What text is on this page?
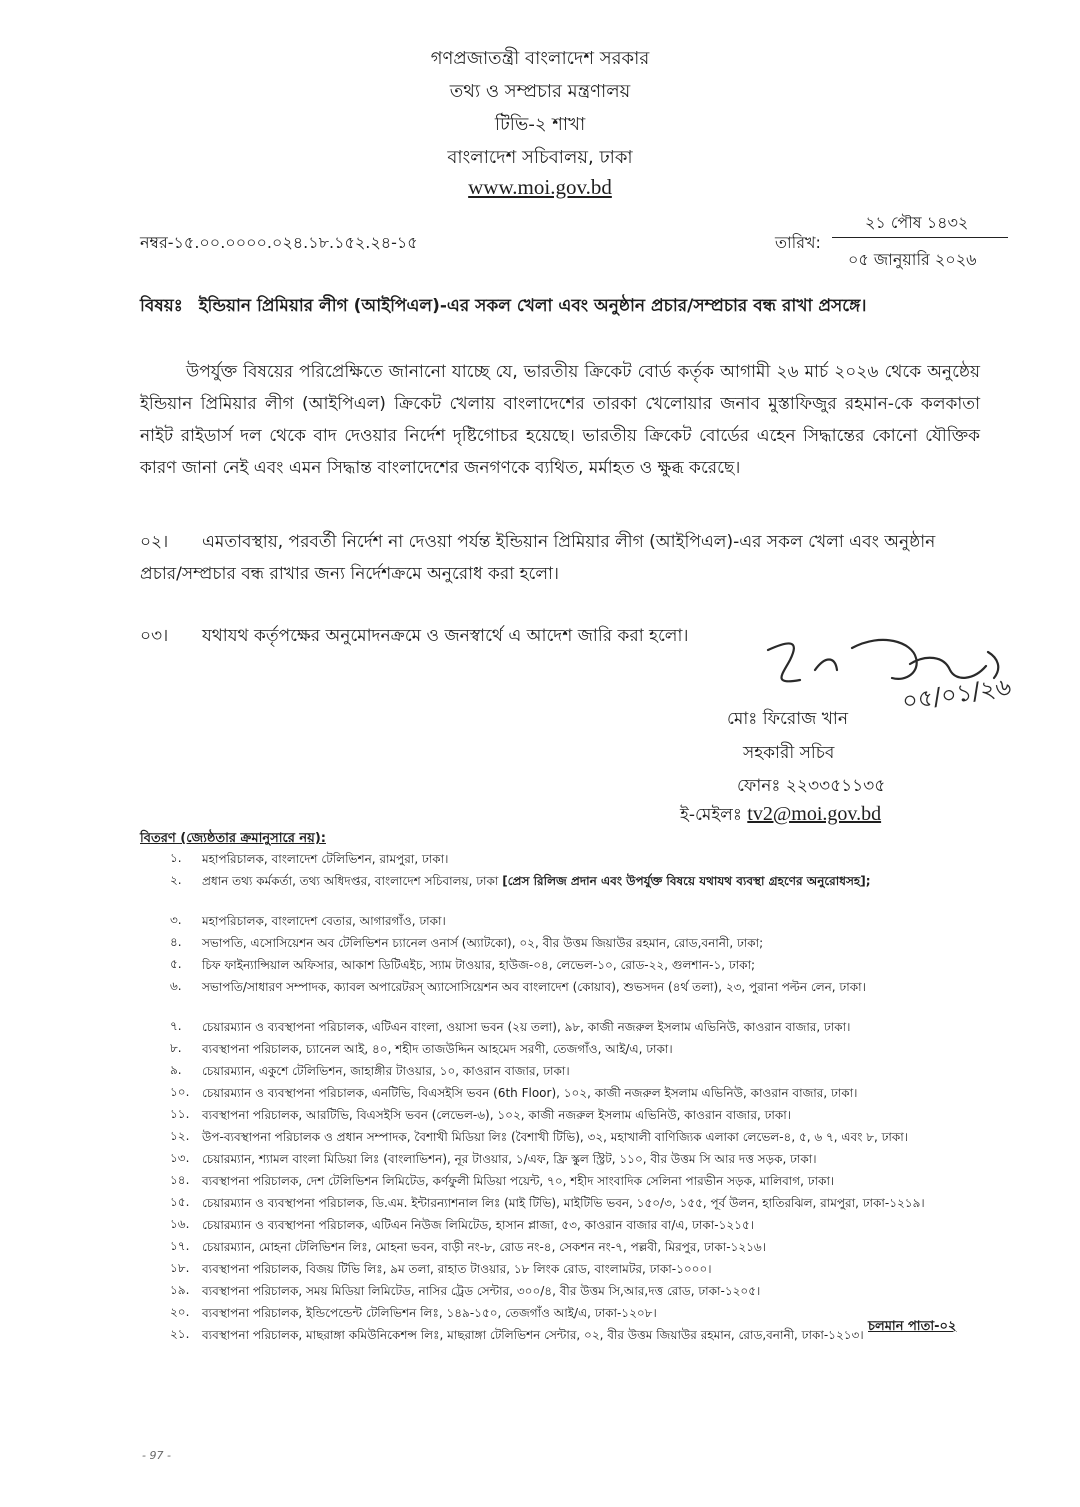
গণপ্রজাতন্ত্রী বাংলাদেশ সরকার
তথ্য ও সম্প্রচার মন্ত্রণালয়
টিভি-২ শাখা
বাংলাদেশ সচিবালয়, ঢাকা
www.moi.gov.bd
নম্বর-১৫.০০.০০০০.০২৪.১৮.১৫২.২৪-১৫	তারিখ:
২১ পৌষ ১৪৩২
০৫ জানুয়ারি ২০২৬
বিষয়ঃ ইন্ডিয়ান প্রিমিয়ার লীগ (আইপিএল)-এর সকল খেলা এবং অনুষ্ঠান প্রচার/সম্প্রচার বন্ধ রাখা প্রসঙ্গে।

উপর্যুক্ত বিষয়ের পরিপ্রেক্ষিতে জানানো যাচ্ছে যে, ভারতীয় ক্রিকেট বোর্ড কর্তৃক আগামী ২৬ মার্চ ২০২৬ থেকে অনুষ্ঠেয় ইন্ডিয়ান প্রিমিয়ার লীগ (আইপিএল) ক্রিকেট খেলায় বাংলাদেশের তারকা খেলোয়ার জনাব মুস্তাফিজুর রহমান-কে কলকাতা নাইট রাইডার্স দল থেকে বাদ দেওয়ার নির্দেশ দৃষ্টিগোচর হয়েছে। ভারতীয় ক্রিকেট বোর্ডের এহেন সিদ্ধান্তের কোনো যৌক্তিক কারণ জানা নেই এবং এমন সিদ্ধান্ত বাংলাদেশের জনগণকে ব্যথিত, মর্মাহত ও ক্ষুব্ধ করেছে।

০২। এমতাবস্থায়, পরবর্তী নির্দেশ না দেওয়া পর্যন্ত ইন্ডিয়ান প্রিমিয়ার লীগ (আইপিএল)-এর সকল খেলা এবং অনুষ্ঠান প্রচার/সম্প্রচার বন্ধ রাখার জন্য নির্দেশক্রমে অনুরোধ করা হলো।
০৩। যথাযথ কর্তৃপক্ষের অনুমোদনক্রমে ও জনস্বার্থে এ আদেশ জারি করা হলো।
০৫/০১/২৬
মোঃ ফিরোজ খান
সহকারী সচিব
ফোনঃ ২২৩৩৫১১৩৫
ই-মেইলঃ tv2@moi.gov.bd
বিতরণ (জ্যেষ্ঠতার ক্রমানুসারে নয়):
১.	মহাপরিচালক, বাংলাদেশ টেলিভিশন, রামপুরা, ঢাকা।
২.	প্রধান তথ্য কর্মকর্তা, তথ্য অধিদপ্তর, বাংলাদেশ সচিবালয়, ঢাকা [প্রেস রিলিজ প্রদান এবং উপর্যুক্ত বিষয়ে যথাযথ ব্যবস্থা গ্রহণের অনুরোধসহ];
৩.	মহাপরিচালক, বাংলাদেশ বেতার, আগারগাঁও, ঢাকা।
৪.	সভাপতি, এসোসিয়েশন অব টেলিভিশন চ্যানেল ওনার্স (অ্যাটকো), ০২, বীর উত্তম জিয়াউর রহমান, রোড,বনানী, ঢাকা;
৫.	চিফ ফাইন্যান্সিয়াল অফিসার, আকাশ ডিটিএইচ, স্যাম টাওয়ার, হাউজ-০৪, লেভেল-১০, রোড-২২, গুলশান-১, ঢাকা;
৬.	সভাপতি/সাধারণ সম্পাদক, ক্যাবল অপারেটরস্ অ্যাসোসিয়েশন অব বাংলাদেশ (কোয়াব), শুভসদন (৪র্থ তলা), ২৩, পুরানা পল্টন লেন, ঢাকা।
৭.	চেয়ারম্যান ও ব্যবস্থাপনা পরিচালক, এটিএন বাংলা, ওয়াসা ভবন (২য় তলা), ৯৮, কাজী নজরুল ইসলাম এভিনিউ, কাওরান বাজার, ঢাকা।
৮.	ব্যবস্থাপনা পরিচালক, চ্যানেল আই, ৪০, শহীদ তাজউদ্দিন আহমেদ সরণী, তেজগাঁও, আই/এ, ঢাকা।
৯.	চেয়ারম্যান, একুশে টেলিভিশন, জাহাঙ্গীর টাওয়ার, ১০, কাওরান বাজার, ঢাকা।
১০.	চেয়ারম্যান ও ব্যবস্থাপনা পরিচালক, এনটিভি, বিএসইসি ভবন (6th Floor), ১০২, কাজী নজরুল ইসলাম এভিনিউ, কাওরান বাজার, ঢাকা।
১১.	ব্যবস্থাপনা পরিচালক, আরটিভি, বিএসইসি ভবন (লেভেল-৬), ১০২, কাজী নজরুল ইসলাম এভিনিউ, কাওরান বাজার, ঢাকা।
১২.	উপ-ব্যবস্থাপনা পরিচালক ও প্রধান সম্পাদক, বৈশাখী মিডিয়া লিঃ (বৈশাখী টিভি), ৩২, মহাখালী বাণিজ্যিক এলাকা লেভেল-৪, ৫, ৬ ৭, এবং ৮, ঢাকা।
১৩.	চেয়ারম্যান, শ্যামল বাংলা মিডিয়া লিঃ (বাংলাভিশন), নূর টাওয়ার, ১/এফ, ফ্রি স্কুল স্ট্রিট, ১১০, বীর উত্তম সি আর দত্ত সড়ক, ঢাকা।
১৪.	ব্যবস্থাপনা পরিচালক, দেশ টেলিভিশন লিমিটেড, কর্ণফুলী মিডিয়া পয়েন্ট, ৭০, শহীদ সাংবাদিক সেলিনা পারভীন সড়ক, মালিবাগ, ঢাকা।
১৫.	চেয়ারম্যান ও ব্যবস্থাপনা পরিচালক, ডি.এম. ইন্টারন্যাশনাল লিঃ (মাই টিভি), মাইটিভি ভবন, ১৫০/৩, ১৫৫, পূর্ব উলন, হাতিরঝিল, রামপুরা, ঢাকা-১২১৯।
১৬.	চেয়ারম্যান ও ব্যবস্থাপনা পরিচালক, এটিএন নিউজ লিমিটেড, হাসান প্লাজা, ৫৩, কাওরান বাজার বা/এ, ঢাকা-১২১৫।
১৭.	চেয়ারম্যান, মোহনা টেলিভিশন লিঃ, মোহনা ভবন, বাড়ী নং-৮, রোড নং-৪, সেকশন নং-৭, পল্লবী, মিরপুর, ঢাকা-১২১৬।
১৮.	ব্যবস্থাপনা পরিচালক, বিজয় টিভি লিঃ, ৯ম তলা, রাহাত টাওয়ার, ১৮ লিংক রোড, বাংলামটর, ঢাকা-১০০০।
১৯.	ব্যবস্থাপনা পরিচালক, সময় মিডিয়া লিমিটেড, নাসির ট্রেড সেন্টার, ৩০০/৪, বীর উত্তম সি,আর,দত্ত রোড, ঢাকা-১২০৫।
২০.	ব্যবস্থাপনা পরিচালক, ইন্ডিপেন্ডেন্ট টেলিভিশন লিঃ, ১৪৯-১৫০, তেজগাঁও আই/এ, ঢাকা-১২০৮।
২১.	ব্যবস্থাপনা পরিচালক, মাছরাঙ্গা কমিউনিকেশন্স লিঃ, মাছরাঙ্গা টেলিভিশন সেন্টার, ০২, বীর উত্তম জিয়াউর রহমান, রোড,বনানী, ঢাকা-১২১৩।
চলমান পাতা-০২
- 97 -
